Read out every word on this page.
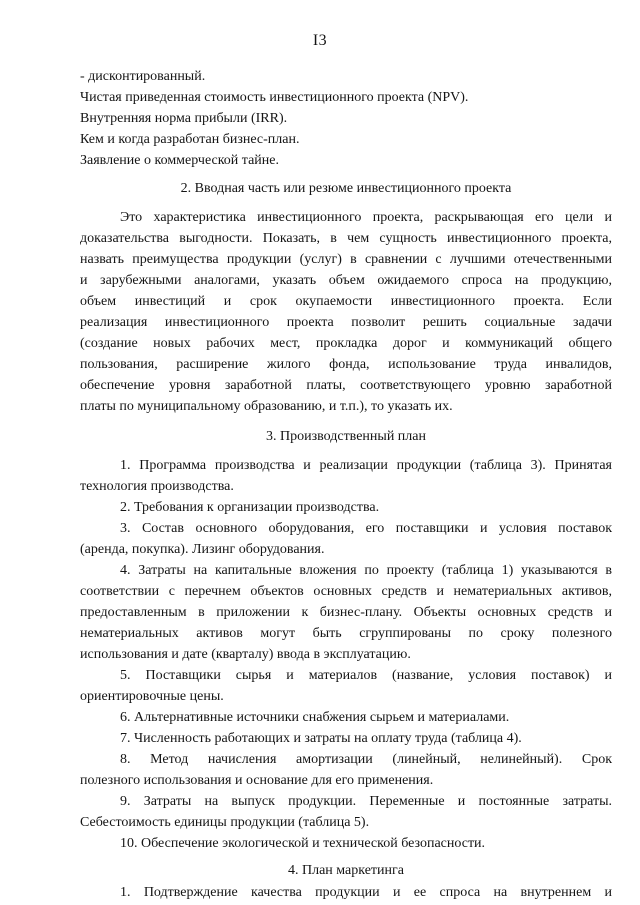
I3
- дисконтированный.
Чистая приведенная стоимость инвестиционного проекта (NPV).
Внутренняя норма прибыли (IRR).
Кем и когда разработан бизнес-план.
Заявление о коммерческой тайне.
2. Вводная часть или резюме инвестиционного проекта
Это характеристика инвестиционного проекта, раскрывающая его цели и
доказательства выгодности. Показать, в чем сущность инвестиционного проекта,
назвать преимущества продукции (услуг) в сравнении с лучшими отечественными
и зарубежными аналогами, указать объем ожидаемого спроса на продукцию,
объем инвестиций и срок окупаемости инвестиционного проекта. Если
реализация инвестиционного проекта позволит решить социальные задачи
(создание новых рабочих мест, прокладка дорог и коммуникаций общего
пользования, расширение жилого фонда, использование труда инвалидов,
обеспечение уровня заработной платы, соответствующего уровню заработной
платы по муниципальному образованию, и т.п.), то указать их.
3. Производственный план
1. Программа производства и реализации продукции (таблица 3). Принятая
технология производства.
2. Требования к организации производства.
3. Состав основного оборудования, его поставщики и условия поставок
(аренда, покупка). Лизинг оборудования.
4. Затраты на капитальные вложения по проекту (таблица 1) указываются в
соответствии с перечнем объектов основных средств и нематериальных активов,
предоставленным в приложении к бизнес-плану. Объекты основных средств и
нематериальных активов могут быть сгруппированы по сроку полезного
использования и дате (кварталу) ввода в эксплуатацию.
5. Поставщики сырья и материалов (название, условия поставок) и
ориентировочные цены.
6. Альтернативные источники снабжения сырьем и материалами.
7. Численность работающих и затраты на оплату труда (таблица 4).
8. Метод начисления амортизации (линейный, нелинейный). Срок
полезного использования и основание для его применения.
9. Затраты на выпуск продукции. Переменные и постоянные затраты.
Себестоимость единицы продукции (таблица 5).
10. Обеспечение экологической и технической безопасности.
4. План маркетинга
1. Подтверждение качества продукции и ее спроса на внутреннем и
